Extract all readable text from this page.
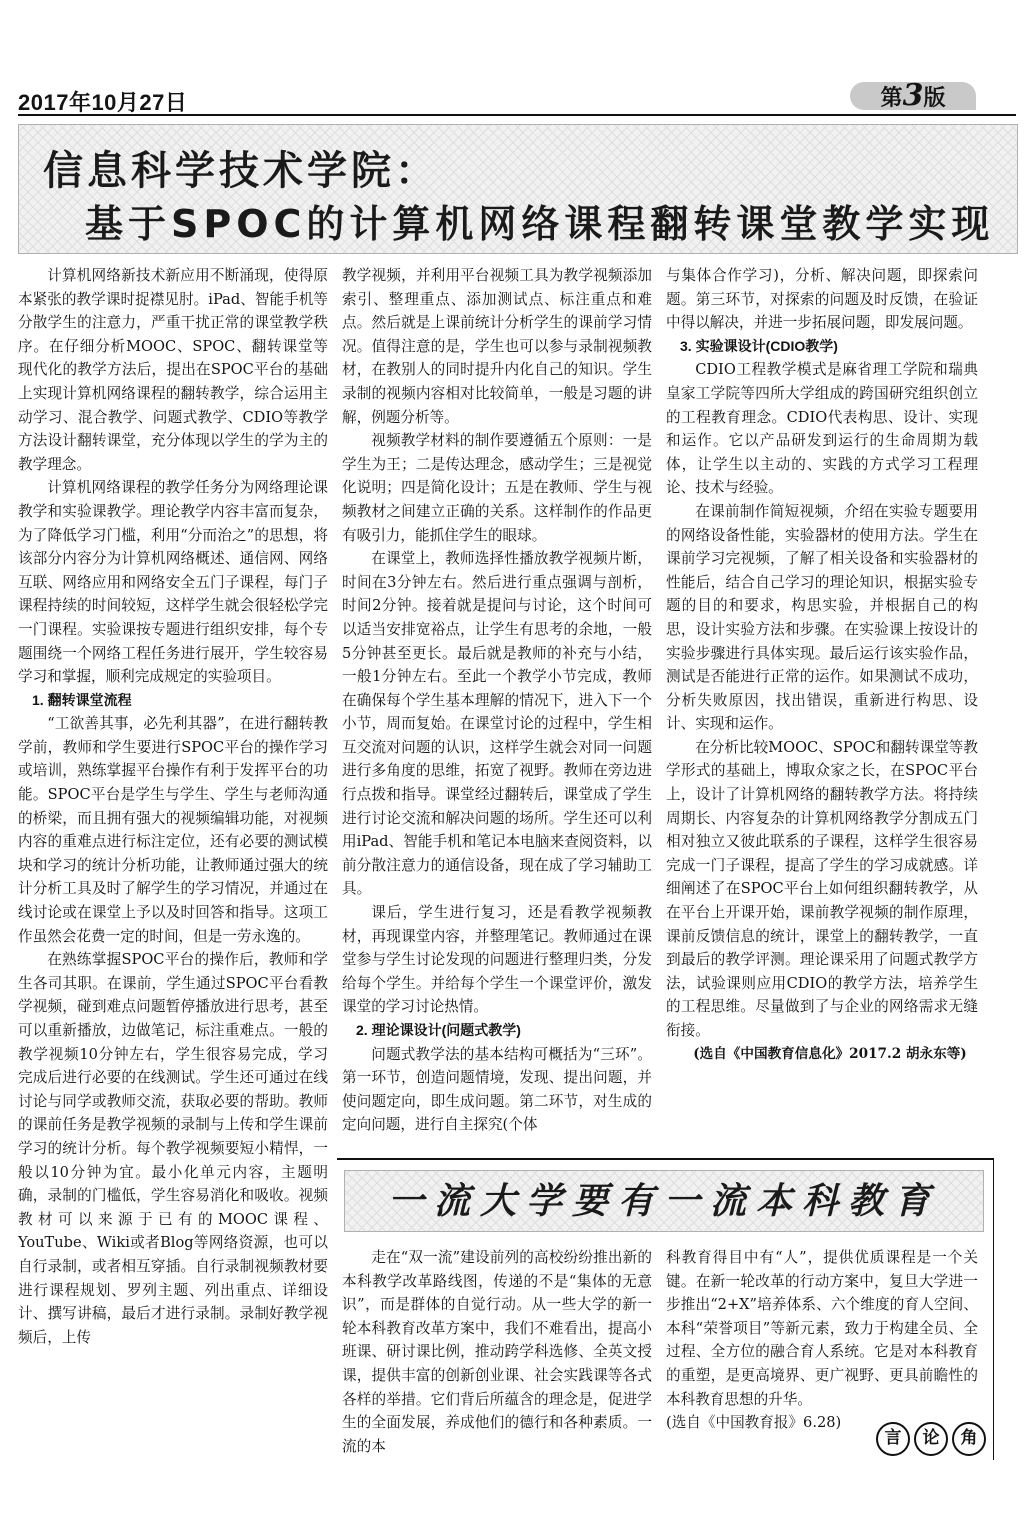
2017年10月27日	第3版
信息科学技术学院：
基于SPOC的计算机网络课程翻转课堂教学实现

计算机网络新技术新应用不断涌现，使得原本紧张的教学课时捉襟见肘。iPad、智能手机等分散学生的注意力，严重干扰正常的课堂教学秩序。在仔细分析MOOC、SPOC、翻转课堂等现代化的教学方法后，提出在SPOC平台的基础上实现计算机网络课程的翻转教学，综合运用主动学习、混合教学、问题式教学、CDIO等教学方法设计翻转课堂，充分体现以学生的学为主的教学理念。

计算机网络课程的教学任务分为网络理论课教学和实验课教学。理论教学内容丰富而复杂，为了降低学习门槛，利用“分而治之”的思想，将该部分内容分为计算机网络概述、通信网、网络互联、网络应用和网络安全五门子课程，每门子课程持续的时间较短，这样学生就会很轻松学完一门课程。实验课按专题进行组织安排，每个专题围绕一个网络工程任务进行展开，学生较容易学习和掌握，顺利完成规定的实验项目。

1. 翻转课堂流程

“工欲善其事，必先利其器”，在进行翻转教学前，教师和学生要进行SPOC平台的操作学习或培训，熟练掌握平台操作有利于发挥平台的功能。SPOC平台是学生与学生、学生与老师沟通的桥梁，而且拥有强大的视频编辑功能，对视频内容的重难点进行标注定位，还有必要的测试模块和学习的统计分析功能，让教师通过强大的统计分析工具及时了解学生的学习情况，并通过在线讨论或在课堂上予以及时回答和指导。这项工作虽然会花费一定的时间，但是一劳永逸的。

在熟练掌握SPOC平台的操作后，教师和学生各司其职。在课前，学生通过SPOC平台看教学视频，碰到难点问题暂停播放进行思考，甚至可以重新播放，边做笔记，标注重难点。一般的教学视频10分钟左右，学生很容易完成，学习完成后进行必要的在线测试。学生还可通过在线讨论与同学或教师交流，获取必要的帮助。教师的课前任务是教学视频的录制与上传和学生课前学习的统计分析。每个教学视频要短小精悍，一般以10分钟为宜。最小化单元内容，主题明确，录制的门槛低，学生容易消化和吸收。视频教材可以来源于已有的MOOC课程、YouTube、Wiki或者Blog等网络资源，也可以自行录制，或者相互穿插。自行录制视频教材要进行课程规划、罗列主题、列出重点、详细设计、撰写讲稿，最后才进行录制。录制好教学视频后，上传

教学视频，并利用平台视频工具为教学视频添加索引、整理重点、添加测试点、标注重点和难点。然后就是上课前统计分析学生的课前学习情况。值得注意的是，学生也可以参与录制视频教材，在教别人的同时提升内化自己的知识。学生录制的视频内容相对比较简单，一般是习题的讲解，例题分析等。

视频教学材料的制作要遵循五个原则：一是学生为王；二是传达理念，感动学生；三是视觉化说明；四是简化设计；五是在教师、学生与视频教材之间建立正确的关系。这样制作的作品更有吸引力，能抓住学生的眼球。

在课堂上，教师选择性播放教学视频片断，时间在3分钟左右。然后进行重点强调与剖析，时间2分钟。接着就是提问与讨论，这个时间可以适当安排宽裕点，让学生有思考的余地，一般5分钟甚至更长。最后就是教师的补充与小结，一般1分钟左右。至此一个教学小节完成，教师在确保每个学生基本理解的情况下，进入下一个小节，周而复始。在课堂讨论的过程中，学生相互交流对问题的认识，这样学生就会对同一问题进行多角度的思维，拓宽了视野。教师在旁边进行点拨和指导。课堂经过翻转后，课堂成了学生进行讨论交流和解决问题的场所。学生还可以利用iPad、智能手机和笔记本电脑来查阅资料，以前分散注意力的通信设备，现在成了学习辅助工具。

课后，学生进行复习，还是看教学视频教材，再现课堂内容，并整理笔记。教师通过在课堂参与学生讨论发现的问题进行整理归类，分发给每个学生。并给每个学生一个课堂评价，激发课堂的学习讨论热情。

2. 理论课设计(问题式教学)

问题式教学法的基本结构可概括为“三环”。第一环节，创造问题情境，发现、提出问题，并使问题定向，即生成问题。第二环节，对生成的定向问题，进行自主探究(个体

与集体合作学习)，分析、解决问题，即探索问题。第三环节，对探索的问题及时反馈，在验证中得以解决，并进一步拓展问题，即发展问题。

3. 实验课设计(CDIO教学)

CDIO工程教学模式是麻省理工学院和瑞典皇家工学院等四所大学组成的跨国研究组织创立的工程教育理念。CDIO代表构思、设计、实现和运作。它以产品研发到运行的生命周期为载体，让学生以主动的、实践的方式学习工程理论、技术与经验。

在课前制作简短视频，介绍在实验专题要用的网络设备性能，实验器材的使用方法。学生在课前学习完视频，了解了相关设备和实验器材的性能后，结合自己学习的理论知识，根据实验专题的目的和要求，构思实验，并根据自己的构思，设计实验方法和步骤。在实验课上按设计的实验步骤进行具体实现。最后运行该实验作品，测试是否能进行正常的运作。如果测试不成功，分析失败原因，找出错误，重新进行构思、设计、实现和运作。

在分析比较MOOC、SPOC和翻转课堂等教学形式的基础上，博取众家之长，在SPOC平台上，设计了计算机网络的翻转教学方法。将持续周期长、内容复杂的计算机网络教学分割成五门相对独立又彼此联系的子课程，这样学生很容易完成一门子课程，提高了学生的学习成就感。详细阐述了在SPOC平台上如何组织翻转教学，从在平台上开课开始，课前教学视频的制作原理，课前反馈信息的统计，课堂上的翻转教学，一直到最后的教学评测。理论课采用了问题式教学方法，试验课则应用CDIO的教学方法，培养学生的工程思维。尽量做到了与企业的网络需求无缝衔接。

(选自《中国教育信息化》2017.2 胡永东等)

一流大学要有一流本科教育

走在“双一流”建设前列的高校纷纷推出新的本科教学改革路线图，传递的不是“集体的无意识”，而是群体的自觉行动。从一些大学的新一轮本科教育改革方案中，我们不难看出，提高小班课、研讨课比例，推动跨学科选修、全英文授课，提供丰富的创新创业课、社会实践课等各式各样的举措。它们背后所蕴含的理念是，促进学生的全面发展，养成他们的德行和各种素质。一流的本

科教育得目中有“人”，提供优质课程是一个关键。在新一轮改革的行动方案中，复旦大学进一步推出“2+X”培养体系、六个维度的育人空间、本科“荣誉项目”等新元素，致力于构建全员、全过程、全方位的融合育人系统。它是对本科教育的重塑，是更高境界、更广视野、更具前瞻性的本科教育思想的升华。

(选自《中国教育报》6.28)

言	论	角
